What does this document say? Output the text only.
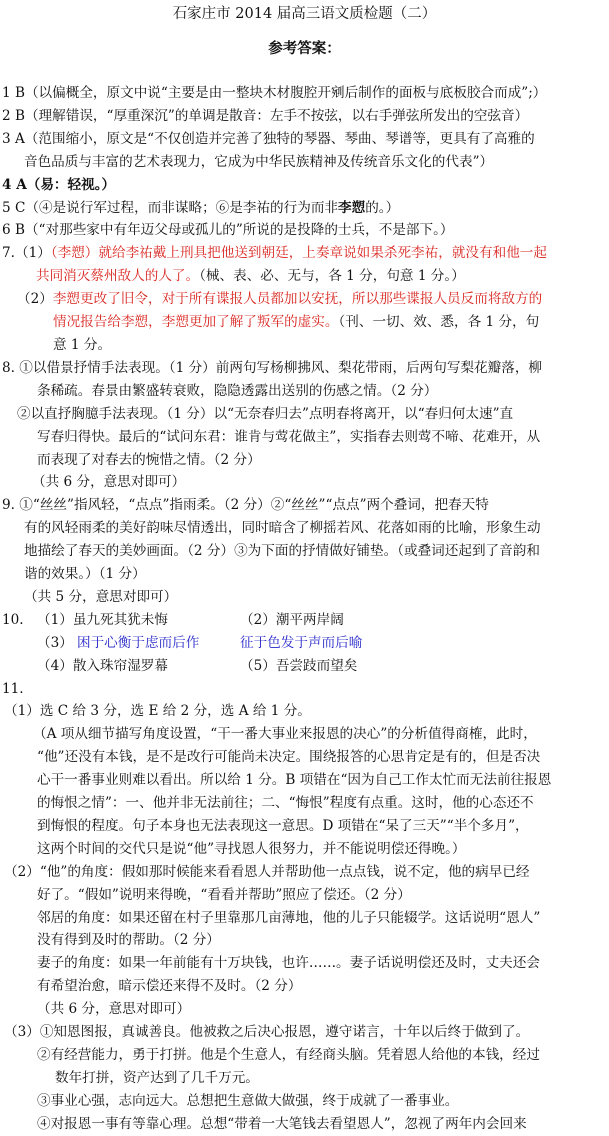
石家庄市 2014 届高三语文质检题（二）
参考答案：
1 B（以偏概全，原文中说“主要是由一整块木材腹腔开剜后制作的面板与底板胶合而成”;）
2 B（理解错误，“厚重深沉”的单调是散音：左手不按弦，以右手弹弦所发出的空弦音）
3 A（范围缩小，原文是“不仅创造并完善了独特的琴器、琴曲、琴谱等，更具有了高雅的
音色品质与丰富的艺术表现力，它成为中华民族精神及传统音乐文化的代表”）
4 A（易：轻视。）
5 C（④是说行军过程，而非谋略；⑥是李祐的行为而非李愬的。）
6 B（“对那些家中有年迈父母或孤儿的”所说的是投降的士兵，不是部下。）
7.（1）（李愬）就给李祐戴上刑具把他送到朝廷，上奏章说如果杀死李祐，就没有和他一起
共同消灭蔡州敌人的人了。（械、表、必、无与，各 1 分，句意 1 分。）
（2）李愬更改了旧令，对于所有谍报人员都加以安抚，所以那些谍报人员反而将敌方的
情况报告给李愬，李愬更加了解了叛军的虚实。（刊、一切、效、悉，各 1 分，句
意 1 分。
8. ①以借景抒情手法表现。（1 分）前两句写杨柳拂风、梨花带雨，后两句写梨花瓣落，柳
条稀疏。春景由繁盛转衰败，隐隐透露出送别的伤感之情。（2 分）
②以直抒胸臆手法表现。（1 分）以“无奈春归去”点明春将离开，以“春归何太速”直
写春归得快。最后的“试问东君：谁肯与莺花做主”，实指春去则莺不啼、花难开，从
而表现了对春去的惋惜之情。（2 分）
（共 6 分，意思对即可）
9. ①“丝丝”指风轻，“点点”指雨柔。（2 分）②“丝丝”“点点”两个叠词，把春天特
有的风轻雨柔的美好韵味尽情透出，同时暗含了柳摇若风、花落如雨的比喻，形象生动
地描绘了春天的美妙画面。（2 分）③为下面的抒情做好铺垫。（或叠词还起到了音韵和
谐的效果。）（1 分）
（共 5 分，意思对即可）
10. （1）虽九死其犹未悔	（2）潮平两岸阔
（3） 困于心衡于虑而后作	征于色发于声而后喻
（4）散入珠帘湿罗幕	（5）吾尝跂而望矣
11.
（1）选 C 给 3 分，选 E 给 2 分，选 A 给 1 分。
（A 项从细节描写角度设置，“干一番大事业来报恩的决心”的分析值得商榷，此时，
“他”还没有本钱，是不是改行可能尚未决定。围绕报答的心思肯定是有的，但是否决
心干一番事业则难以看出。所以给 1 分。B 项错在“因为自己工作太忙而无法前往报恩
的悔恨之情”：一、他并非无法前往；二、“悔恨”程度有点重。这时，他的心态还不
到悔恨的程度。句子本身也无法表现这一意思。D 项错在“呆了三天”“半个多月”，
这两个时间的交代只是说“他”寻找恩人很努力，并不能说明偿还得晚。）
（2）“他”的角度：假如那时候能来看看恩人并帮助他一点点钱，说不定，他的病早已经
好了。“假如”说明来得晚，“看看并帮助”照应了偿还。（2 分）
邻居的角度：如果还留在村子里靠那几亩薄地，他的儿子只能辍学。这话说明“恩人”
没有得到及时的帮助。（2 分）
妻子的角度：如果一年前能有十万块钱，也许……。妻子话说明偿还及时，丈夫还会
有希望治愈，暗示偿还来得不及时。（2 分）
（共 6 分，意思对即可）
（3）①知恩图报，真诚善良。他被救之后决心报恩，遵守诺言，十年以后终于做到了。
②有经营能力，勇于打拼。他是个生意人，有经商头脑。凭着恩人给他的本钱，经过
数年打拼，资产达到了几千万元。
③事业心强，志向远大。总想把生意做大做强，终于成就了一番事业。
④对报恩一事有等靠心理。总想“带着一大笔钱去看望恩人”，忽视了两年内会回来
